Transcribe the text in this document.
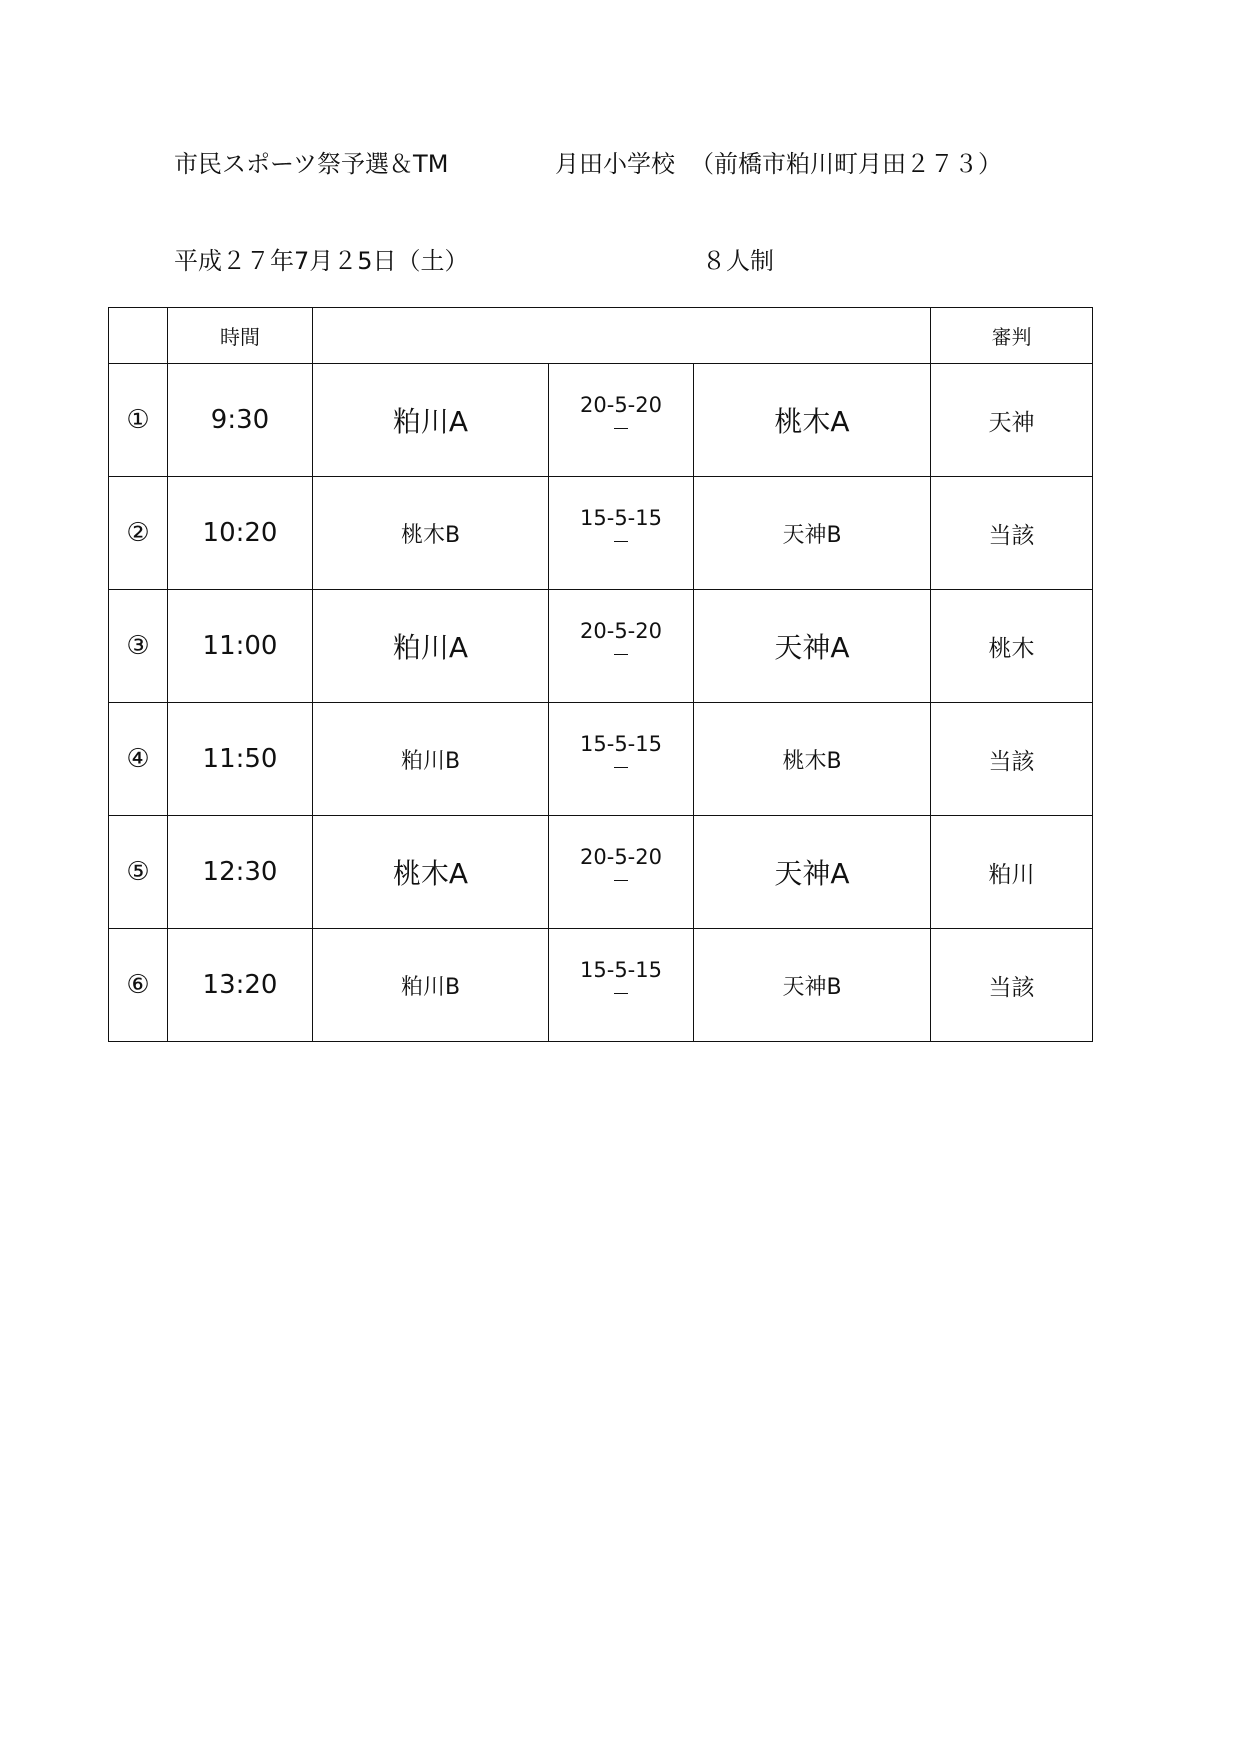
市民スポーツ祭予選＆TM	月田小学校 （前橋市粕川町月田２７３）
平成２７年7月２5日（土）	８人制
	時間				審判
①	9:30	粕川A	20-5-20	桃木A	天神
②	10:20	桃木B	15-5-15	天神B	当該
③	11:00	粕川A	20-5-20	天神A	桃木
④	11:50	粕川B	15-5-15	桃木B	当該
⑤	12:30	桃木A	20-5-20	天神A	粕川
⑥	13:20	粕川B	15-5-15	天神B	当該
